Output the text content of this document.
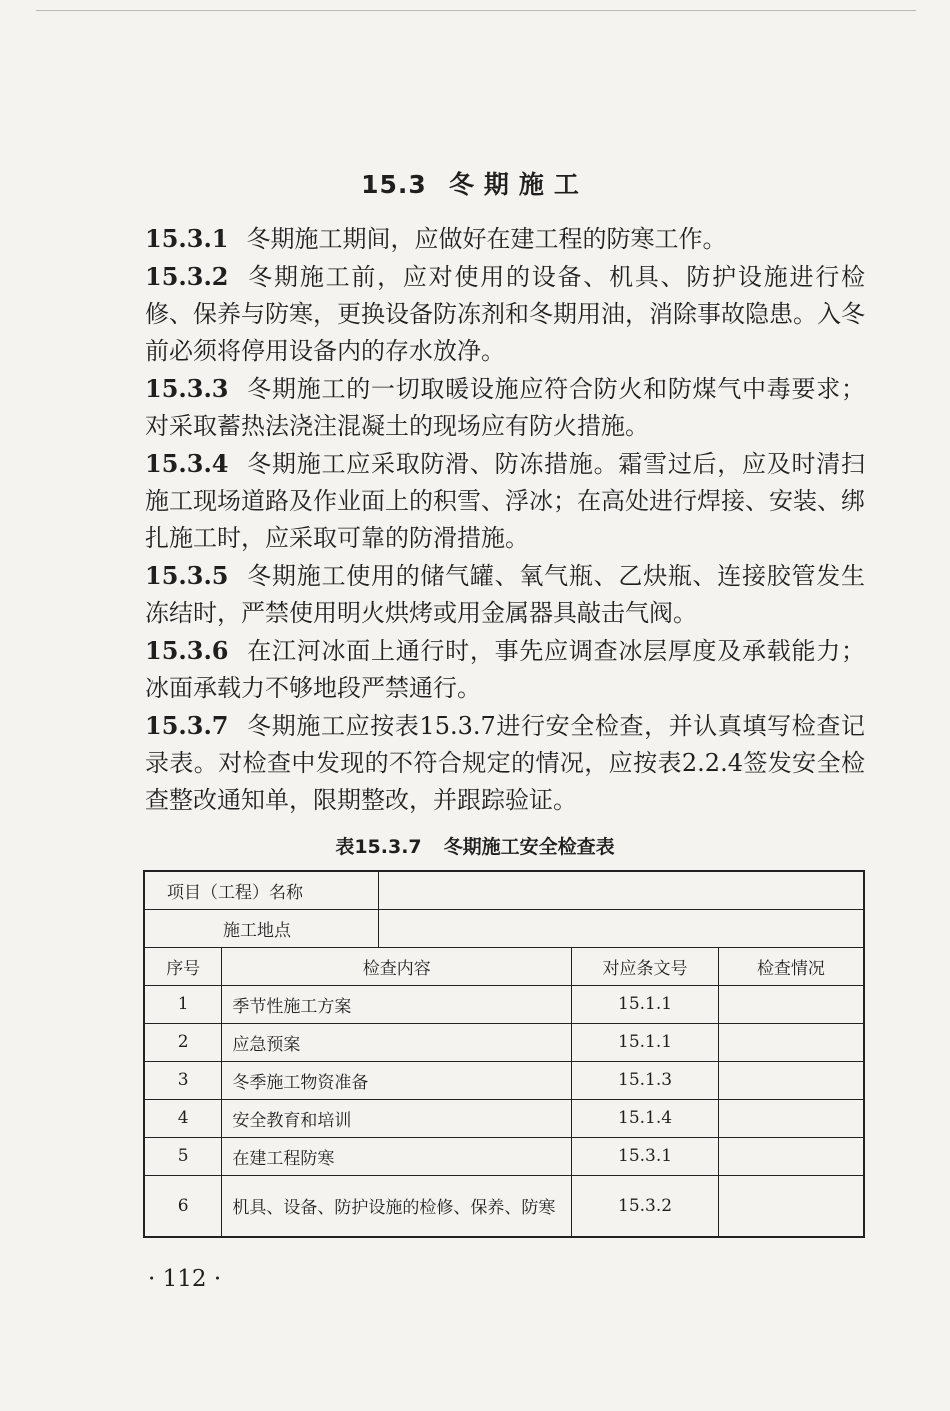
15.3 冬期施工

15.3.1 冬期施工期间，应做好在建工程的防寒工作。

15.3.2 冬期施工前，应对使用的设备、机具、防护设施进行检修、保养与防寒，更换设备防冻剂和冬期用油，消除事故隐患。入冬前必须将停用设备内的存水放净。

15.3.3 冬期施工的一切取暖设施应符合防火和防煤气中毒要求；对采取蓄热法浇注混凝土的现场应有防火措施。

15.3.4 冬期施工应采取防滑、防冻措施。霜雪过后，应及时清扫施工现场道路及作业面上的积雪、浮冰；在高处进行焊接、安装、绑扎施工时，应采取可靠的防滑措施。

15.3.5 冬期施工使用的储气罐、氧气瓶、乙炔瓶、连接胶管发生冻结时，严禁使用明火烘烤或用金属器具敲击气阀。

15.3.6 在江河冰面上通行时，事先应调查冰层厚度及承载能力；冰面承载力不够地段严禁通行。

15.3.7 冬期施工应按表15.3.7进行安全检查，并认真填写检查记录表。对检查中发现的不符合规定的情况，应按表2.2.4签发安全检查整改通知单，限期整改，并跟踪验证。

表15.3.7 冬期施工安全检查表
项目（工程）名称				
施工地点				
序号	检查内容		对应条文号	检查情况
1	季节性施工方案		15.1.1	
2	应急预案		15.1.1	
3	冬季施工物资准备		15.1.3	
4	安全教育和培训		15.1.4	
5	在建工程防寒		15.3.1	
6	机具、设备、防护设施的检修、保养、防寒		15.3.2	
· 112 ·
